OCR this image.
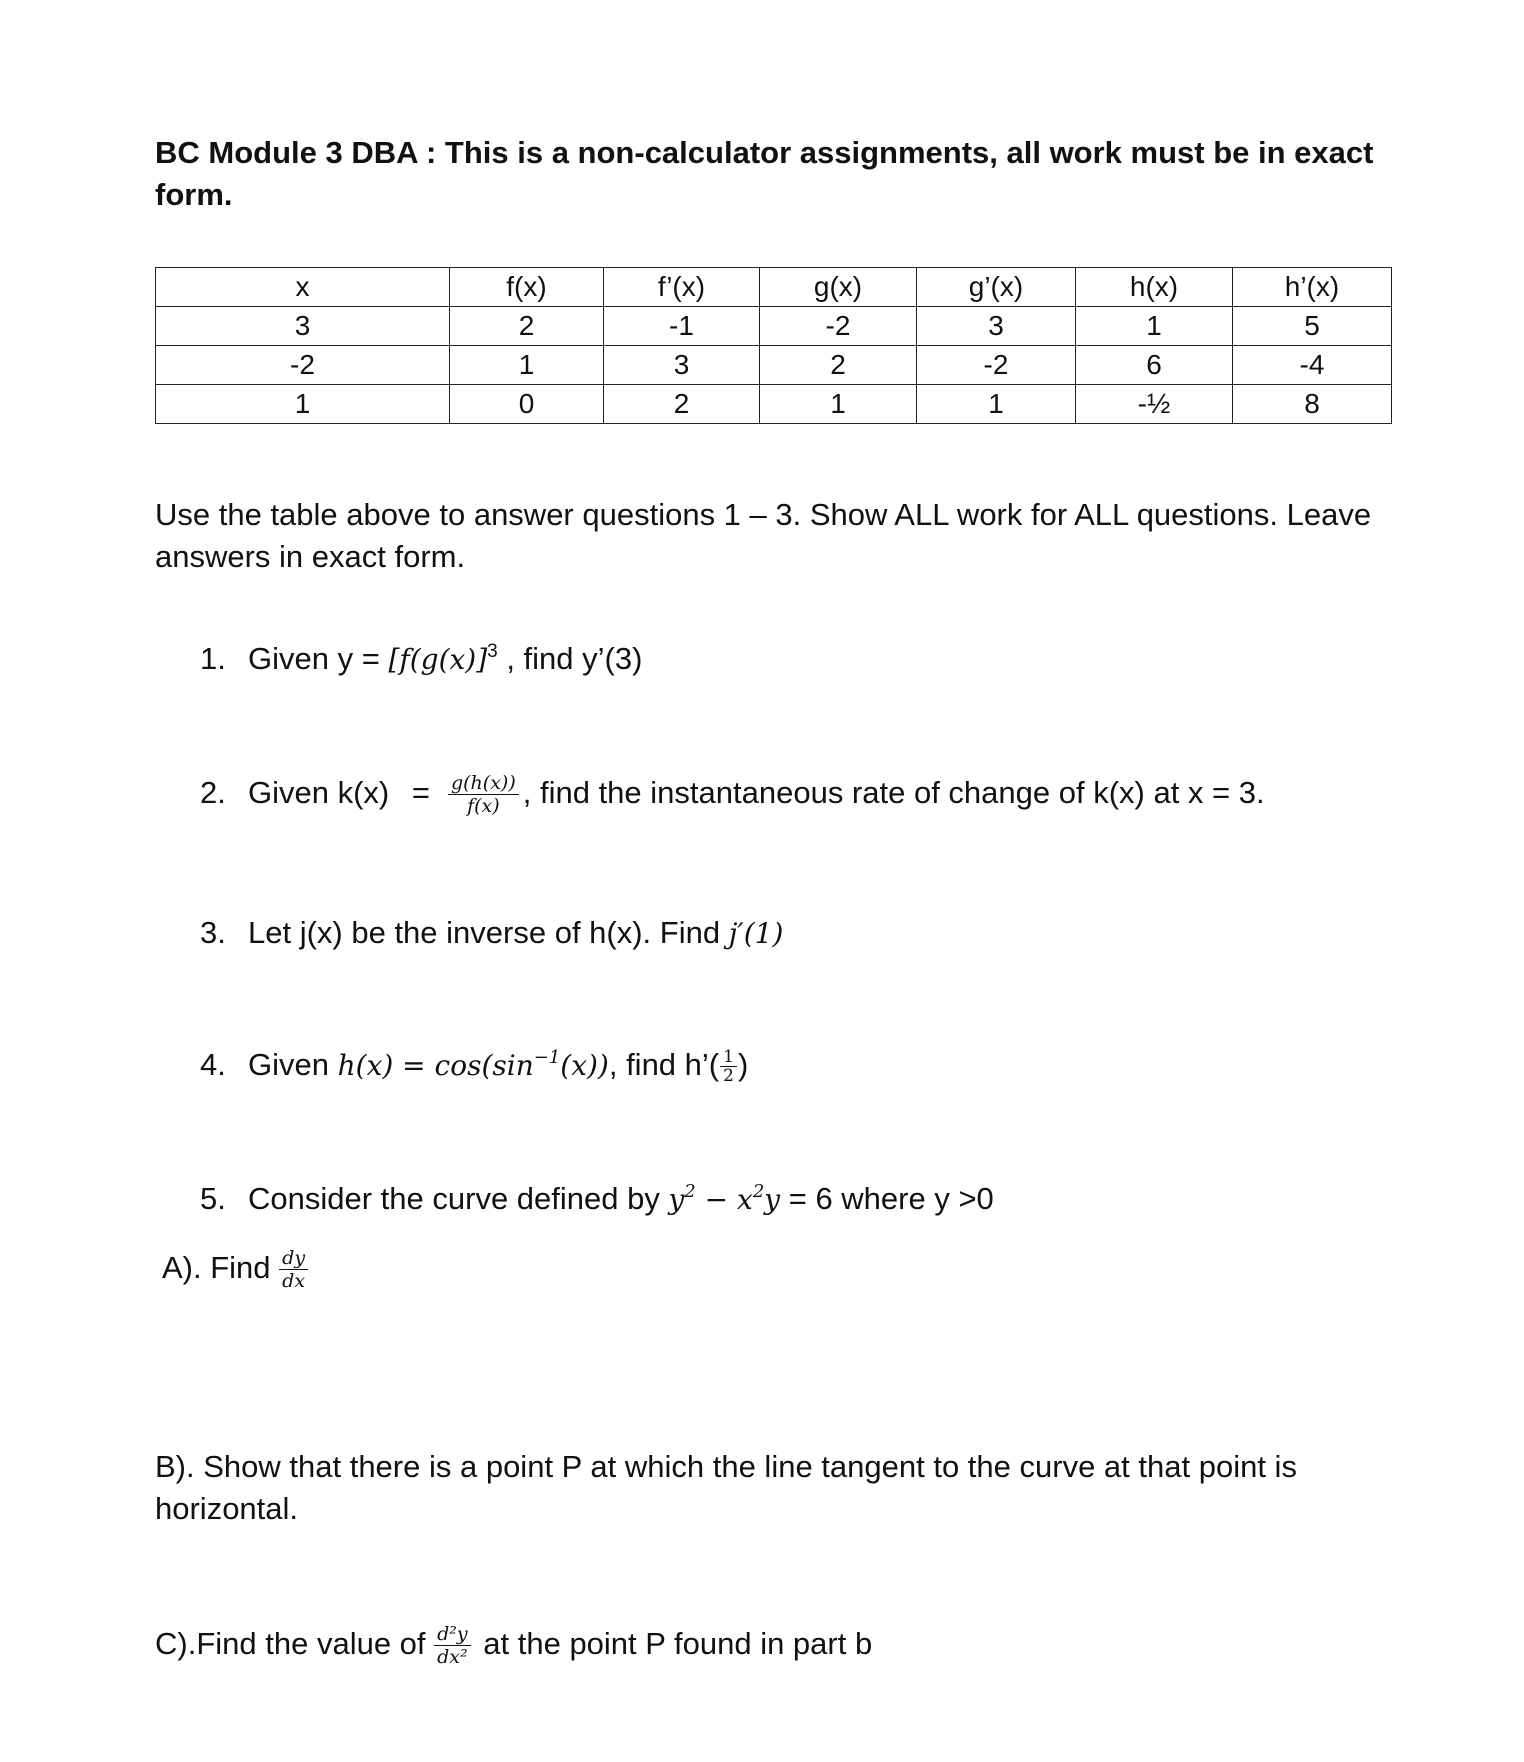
BC Module 3 DBA : This is a non-calculator assignments, all work must be in exact form.
x	f(x)	f’(x)	g(x)	g’(x)	h(x)	h’(x)
3	2	-1	-2	3	1	5
-2	1	3	2	-2	6	-4
1	0	2	1	1	-½	8
Use the table above to answer questions 1 – 3. Show ALL work for ALL questions. Leave answers in exact form.
1. Given $y = [f(g(x)]^3$ , find y’(3)
2. Given $k(x) = \frac{g(h(x))}{f(x)}$ , find the instantaneous rate of change of k(x) at x = 3.
3. Let j(x) be the inverse of h(x). Find j′(1)
4. Given $h(x) = \cos(\sin^{-1}(x))$, find h’( $\frac{1}{2}$ )
5. Consider the curve defined by $y^2 - x^2y = 6$ where y >0
A). Find $\frac{dy}{dx}$
B). Show that there is a point P at which the line tangent to the curve at that point is horizontal.
C).Find the value of $\frac{\text{d²y}}{\text{dx²}}$ at the point P found in part b
